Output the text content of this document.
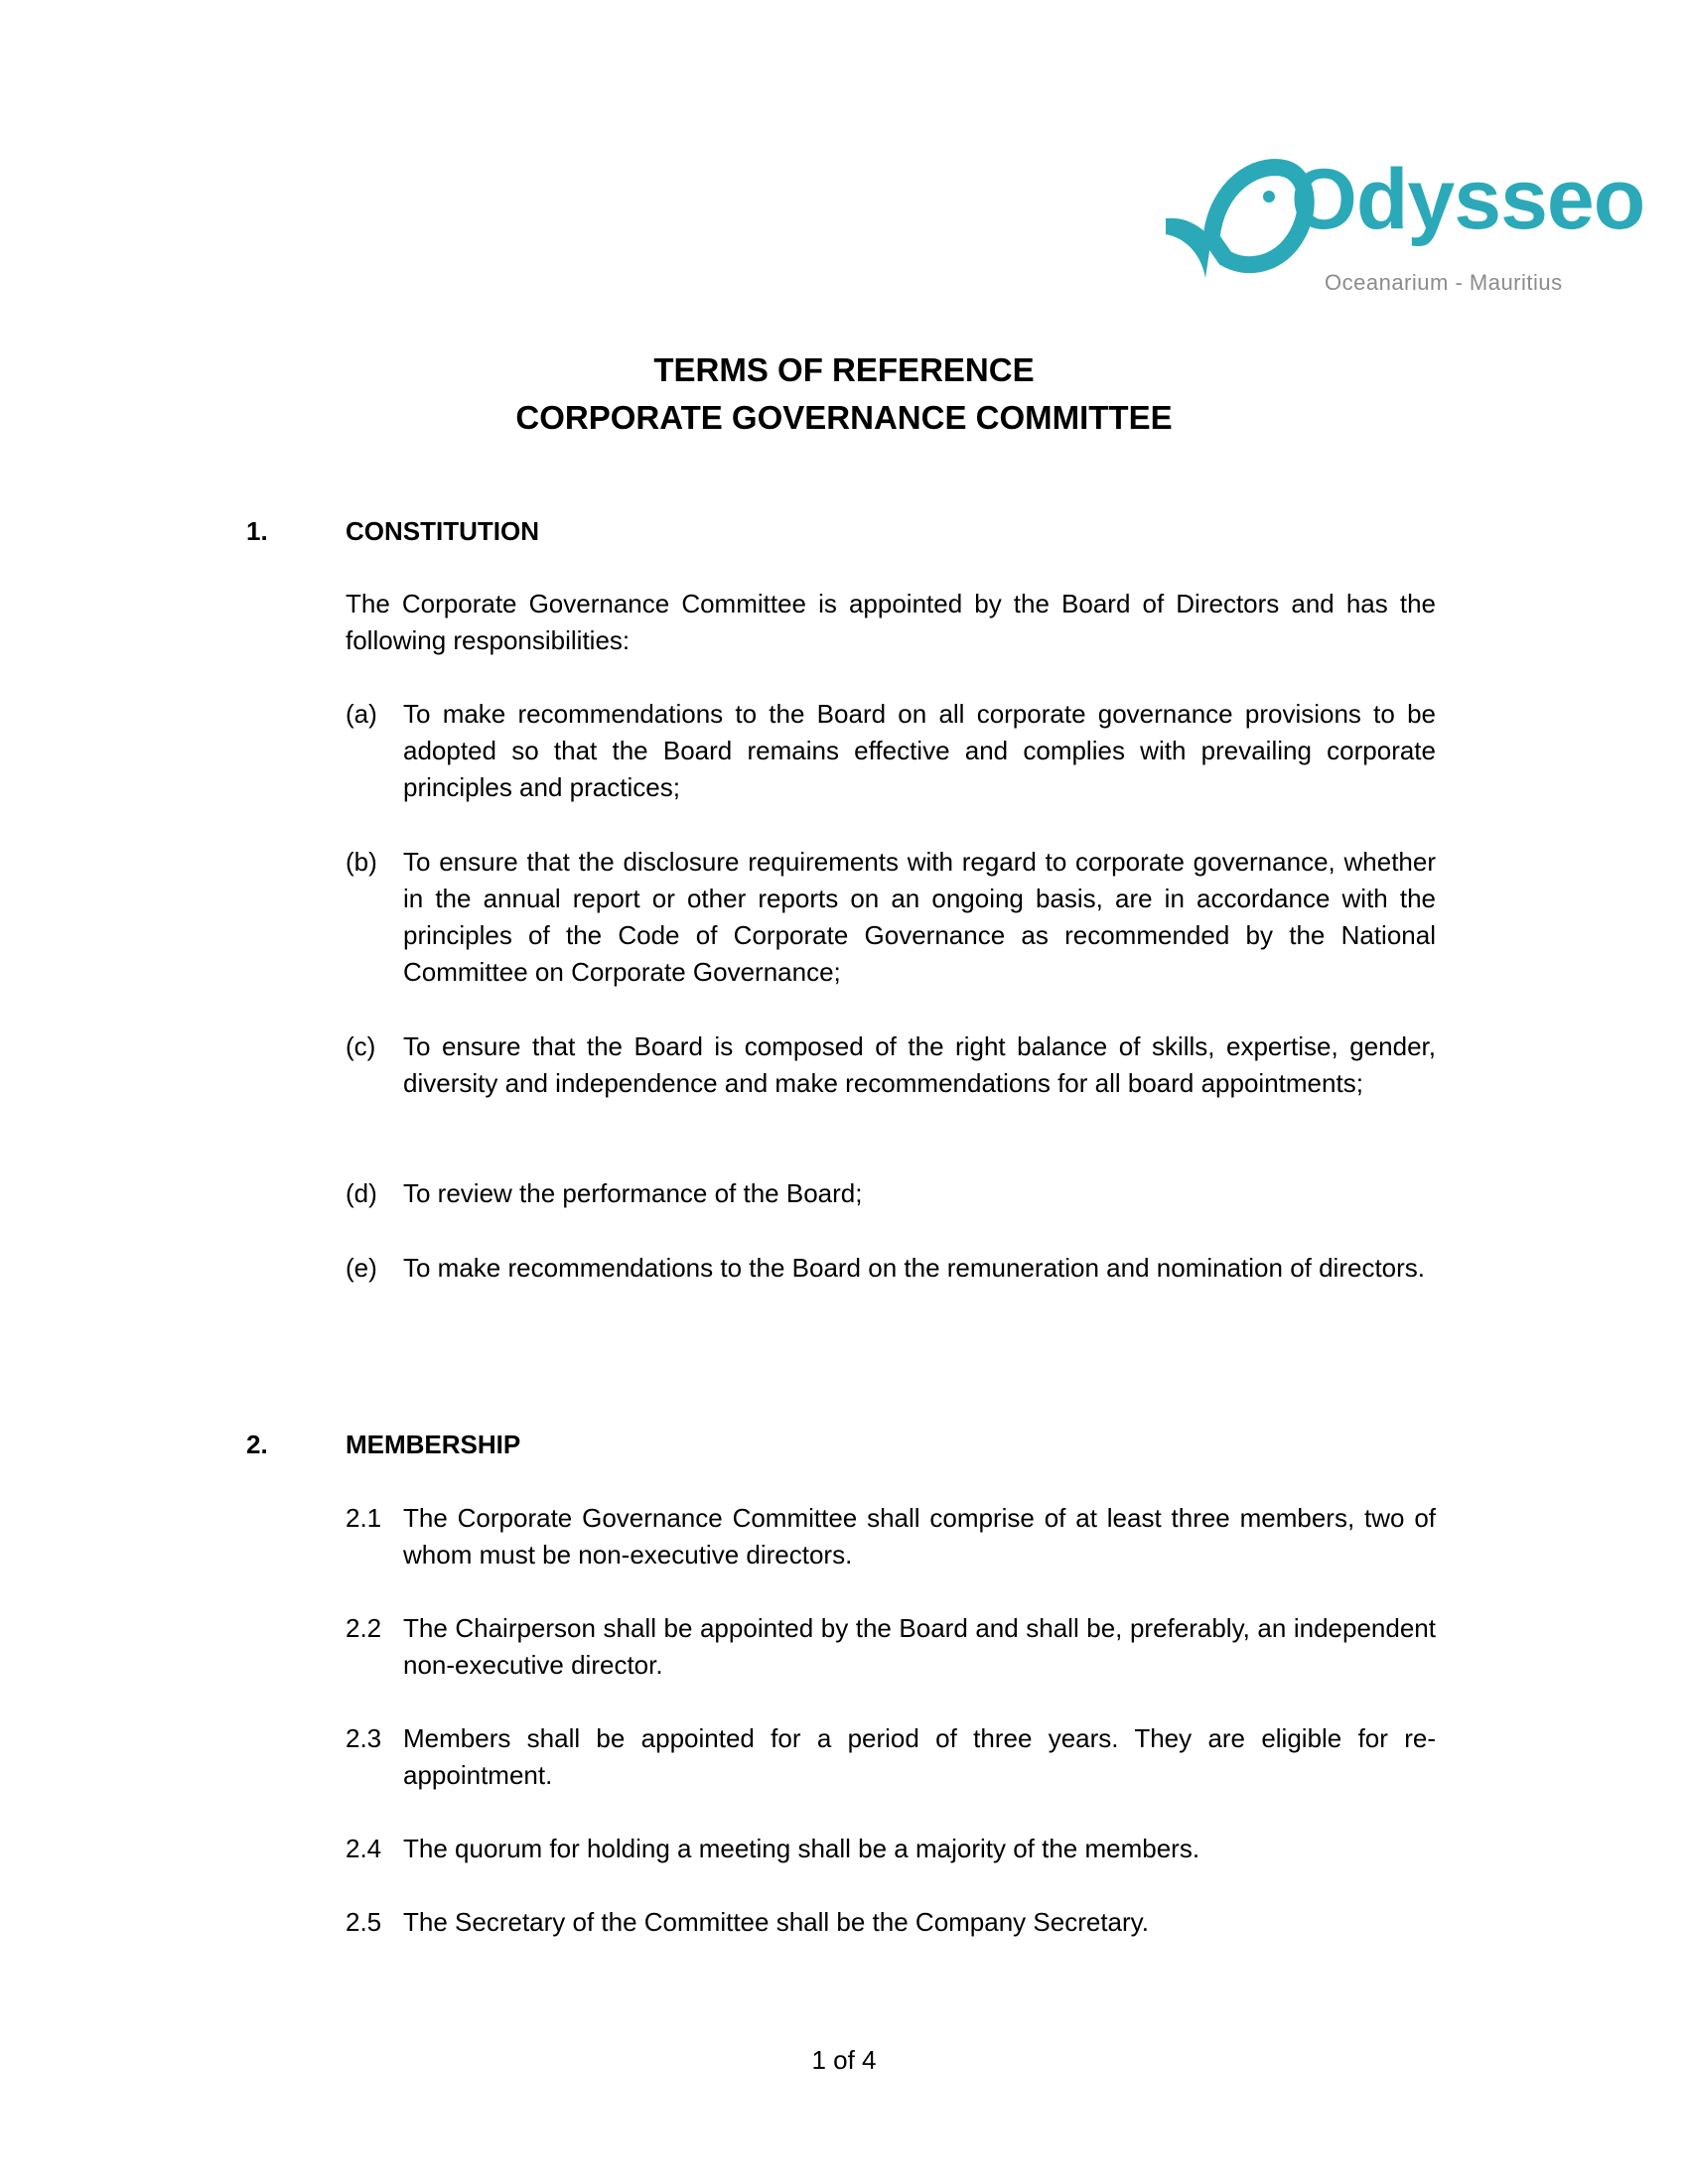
Odysseo
Oceanarium - Mauritius
TERMS OF REFERENCE
CORPORATE GOVERNANCE COMMITTEE
1.	CONSTITUTION
The Corporate Governance Committee is appointed by the Board of Directors and has the following responsibilities:
(a) To make recommendations to the Board on all corporate governance provisions to be adopted so that the Board remains effective and complies with prevailing corporate principles and practices;
(b) To ensure that the disclosure requirements with regard to corporate governance, whether in the annual report or other reports on an ongoing basis, are in accordance with the principles of the Code of Corporate Governance as recommended by the National Committee on Corporate Governance;
(c) To ensure that the Board is composed of the right balance of skills, expertise, gender, diversity and independence and make recommendations for all board appointments;
(d) To review the performance of the Board;
(e) To make recommendations to the Board on the remuneration and nomination of directors.
2.	MEMBERSHIP
2.1 The Corporate Governance Committee shall comprise of at least three members, two of whom must be non-executive directors.
2.2 The Chairperson shall be appointed by the Board and shall be, preferably, an independent non-executive director.
2.3 Members shall be appointed for a period of three years. They are eligible for re-appointment.
2.4 The quorum for holding a meeting shall be a majority of the members.
2.5 The Secretary of the Committee shall be the Company Secretary.
1 of 4
